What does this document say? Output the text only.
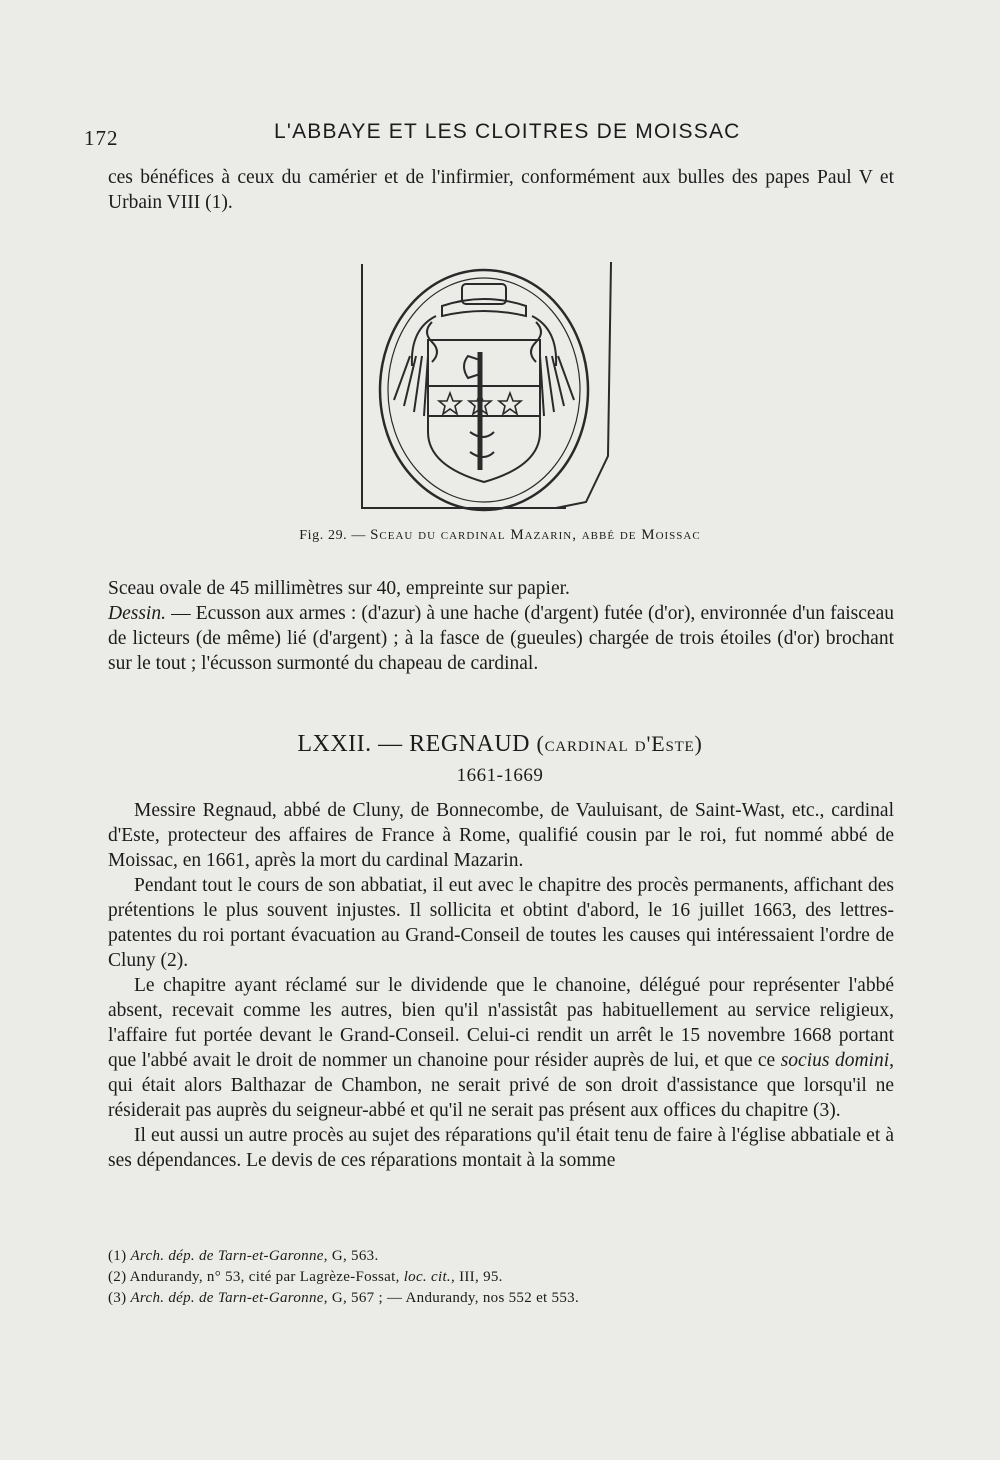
172	L'ABBAYE ET LES CLOITRES DE MOISSAC

ces bénéfices à ceux du camérier et de l'infirmier, conformément aux bulles des papes Paul V et Urbain VIII (1).

Fig. 29. — Sceau du cardinal Mazarin, abbé de Moissac

Sceau ovale de 45 millimètres sur 40, empreinte sur papier.

Dessin. — Ecusson aux armes : (d'azur) à une hache (d'argent) futée (d'or), environnée d'un faisceau de licteurs (de même) lié (d'argent) ; à la fasce de (gueules) chargée de trois étoiles (d'or) brochant sur le tout ; l'écusson surmonté du chapeau de cardinal.

LXXII. — REGNAUD (cardinal d'Este)
1661-1669

Messire Regnaud, abbé de Cluny, de Bonnecombe, de Vauluisant, de Saint-Wast, etc., cardinal d'Este, protecteur des affaires de France à Rome, qualifié cousin par le roi, fut nommé abbé de Moissac, en 1661, après la mort du cardinal Mazarin.

Pendant tout le cours de son abbatiat, il eut avec le chapitre des procès permanents, affichant des prétentions le plus souvent injustes. Il sollicita et obtint d'abord, le 16 juillet 1663, des lettres-patentes du roi portant évacuation au Grand-Conseil de toutes les causes qui intéressaient l'ordre de Cluny (2).

Le chapitre ayant réclamé sur le dividende que le chanoine, délégué pour représenter l'abbé absent, recevait comme les autres, bien qu'il n'assistât pas habituellement au service religieux, l'affaire fut portée devant le Grand-Conseil. Celui-ci rendit un arrêt le 15 novembre 1668 portant que l'abbé avait le droit de nommer un chanoine pour résider auprès de lui, et que ce socius domini, qui était alors Balthazar de Chambon, ne serait privé de son droit d'assistance que lorsqu'il ne résiderait pas auprès du seigneur-abbé et qu'il ne serait pas présent aux offices du chapitre (3).

Il eut aussi un autre procès au sujet des réparations qu'il était tenu de faire à l'église abbatiale et à ses dépendances. Le devis de ces réparations montait à la somme

(1) Arch. dép. de Tarn-et-Garonne, G, 563.
(2) Andurandy, n° 53, cité par Lagrèze-Fossat, loc. cit., III, 95.
(3) Arch. dép. de Tarn-et-Garonne, G, 567 ; — Andurandy, nos 552 et 553.
